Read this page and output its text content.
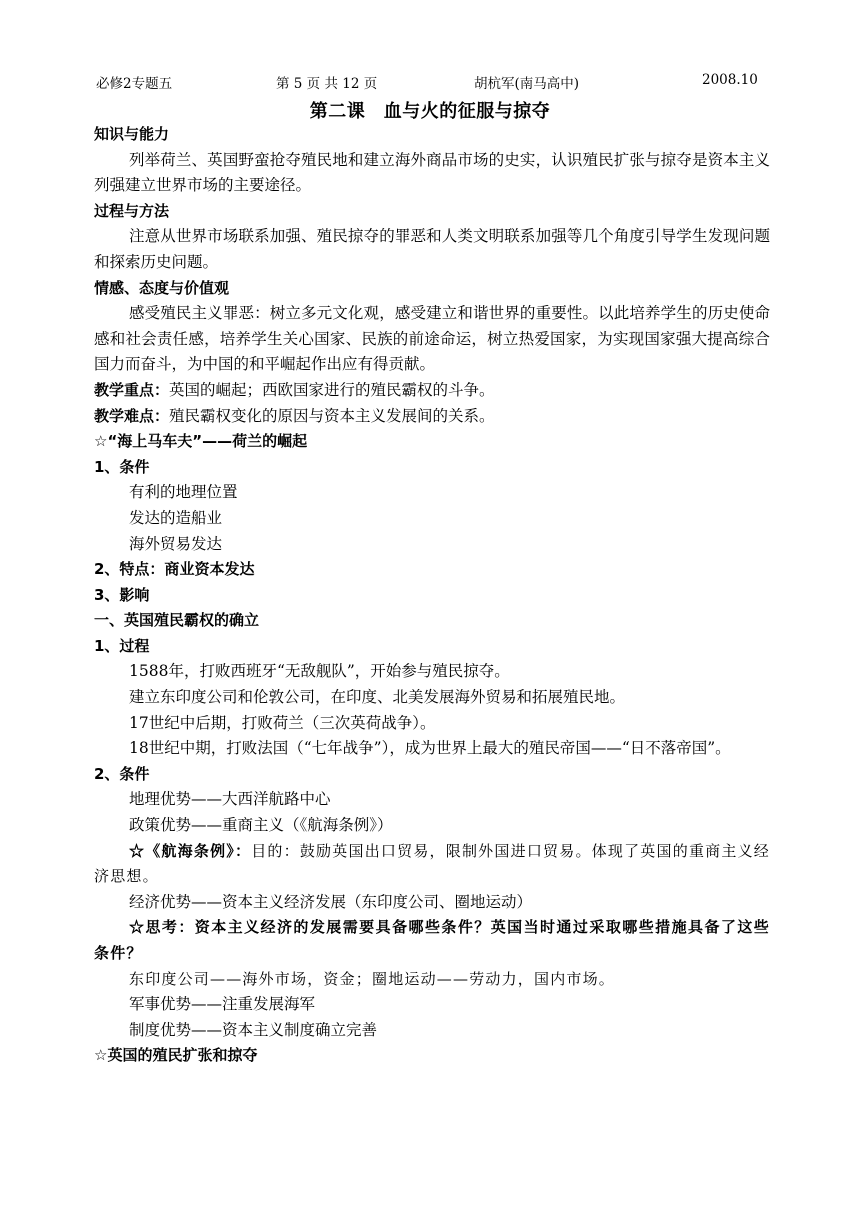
必修2专题五	第 5 页 共 12 页	胡杭军(南马高中)	2008.10
第二课　血与火的征服与掠夺

知识与能力

列举荷兰、英国野蛮抢夺殖民地和建立海外商品市场的史实，认识殖民扩张与掠夺是资本主义列强建立世界市场的主要途径。

过程与方法

注意从世界市场联系加强、殖民掠夺的罪恶和人类文明联系加强等几个角度引导学生发现问题和探索历史问题。

情感、态度与价值观

感受殖民主义罪恶：树立多元文化观，感受建立和谐世界的重要性。以此培养学生的历史使命感和社会责任感，培养学生关心国家、民族的前途命运，树立热爱国家，为实现国家强大提高综合国力而奋斗，为中国的和平崛起作出应有得贡献。

教学重点：英国的崛起；西欧国家进行的殖民霸权的斗争。

教学难点：殖民霸权变化的原因与资本主义发展间的关系。

☆“海上马车夫”——荷兰的崛起

1、条件

有利的地理位置

发达的造船业

海外贸易发达

2、特点：商业资本发达

3、影响

一、英国殖民霸权的确立

1、过程

1588年，打败西班牙“无敌舰队”，开始参与殖民掠夺。

建立东印度公司和伦敦公司，在印度、北美发展海外贸易和拓展殖民地。

17世纪中后期，打败荷兰（三次英荷战争）。

18世纪中期，打败法国（“七年战争”），成为世界上最大的殖民帝国——“日不落帝国”。

2、条件

地理优势——大西洋航路中心

政策优势——重商主义（《航海条例》）

☆《航海条例》：目的：鼓励英国出口贸易，限制外国进口贸易。体现了英国的重商主义经济思想。

经济优势——资本主义经济发展（东印度公司、圈地运动）

☆思考：资本主义经济的发展需要具备哪些条件？英国当时通过采取哪些措施具备了这些条件？

东印度公司——海外市场，资金；圈地运动——劳动力，国内市场。

军事优势——注重发展海军

制度优势——资本主义制度确立完善

☆英国的殖民扩张和掠夺
